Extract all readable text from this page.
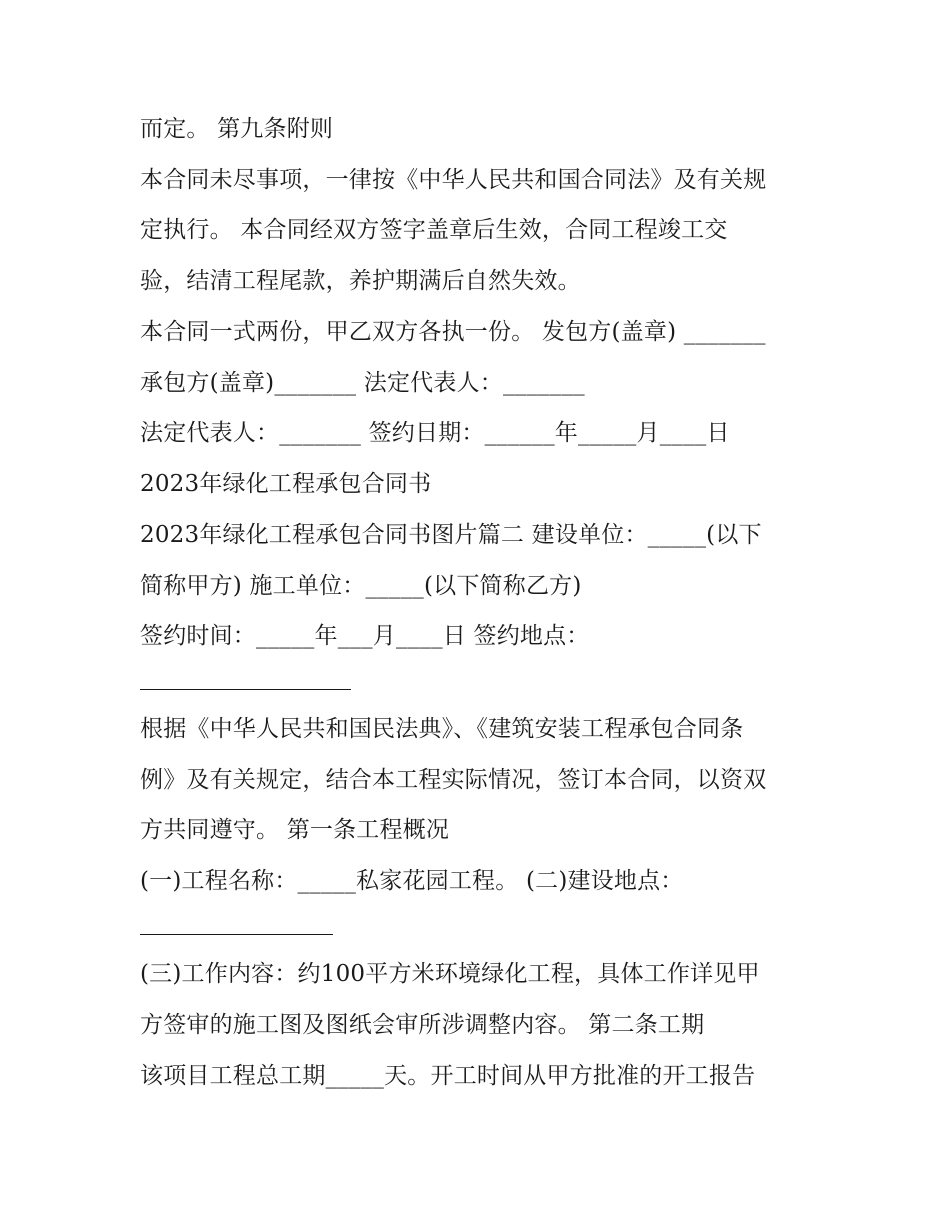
而定。 第九条附则
本合同未尽事项，一律按《中华人民共和国合同法》及有关规
定执行。 本合同经双方签字盖章后生效，合同工程竣工交
验，结清工程尾款，养护期满后自然失效。
本合同一式两份，甲乙双方各执一份。 发包方(盖章) _______
承包方(盖章)_______ 法定代表人：_______
法定代表人：_______ 签约日期：______年_____月____日
2023年绿化工程承包合同书
2023年绿化工程承包合同书图片篇二 建设单位：_____(以下
简称甲方) 施工单位：_____(以下简称乙方)
签约时间：_____年___月____日 签约地点：
根据《中华人民共和国民法典》、《建筑安装工程承包合同条
例》及有关规定，结合本工程实际情况，签订本合同，以资双
方共同遵守。 第一条工程概况
(一)工程名称：_____私家花园工程。 (二)建设地点：
(三)工作内容：约100平方米环境绿化工程，具体工作详见甲
方签审的施工图及图纸会审所涉调整内容。 第二条工期
该项目工程总工期_____天。开工时间从甲方批准的开工报告
